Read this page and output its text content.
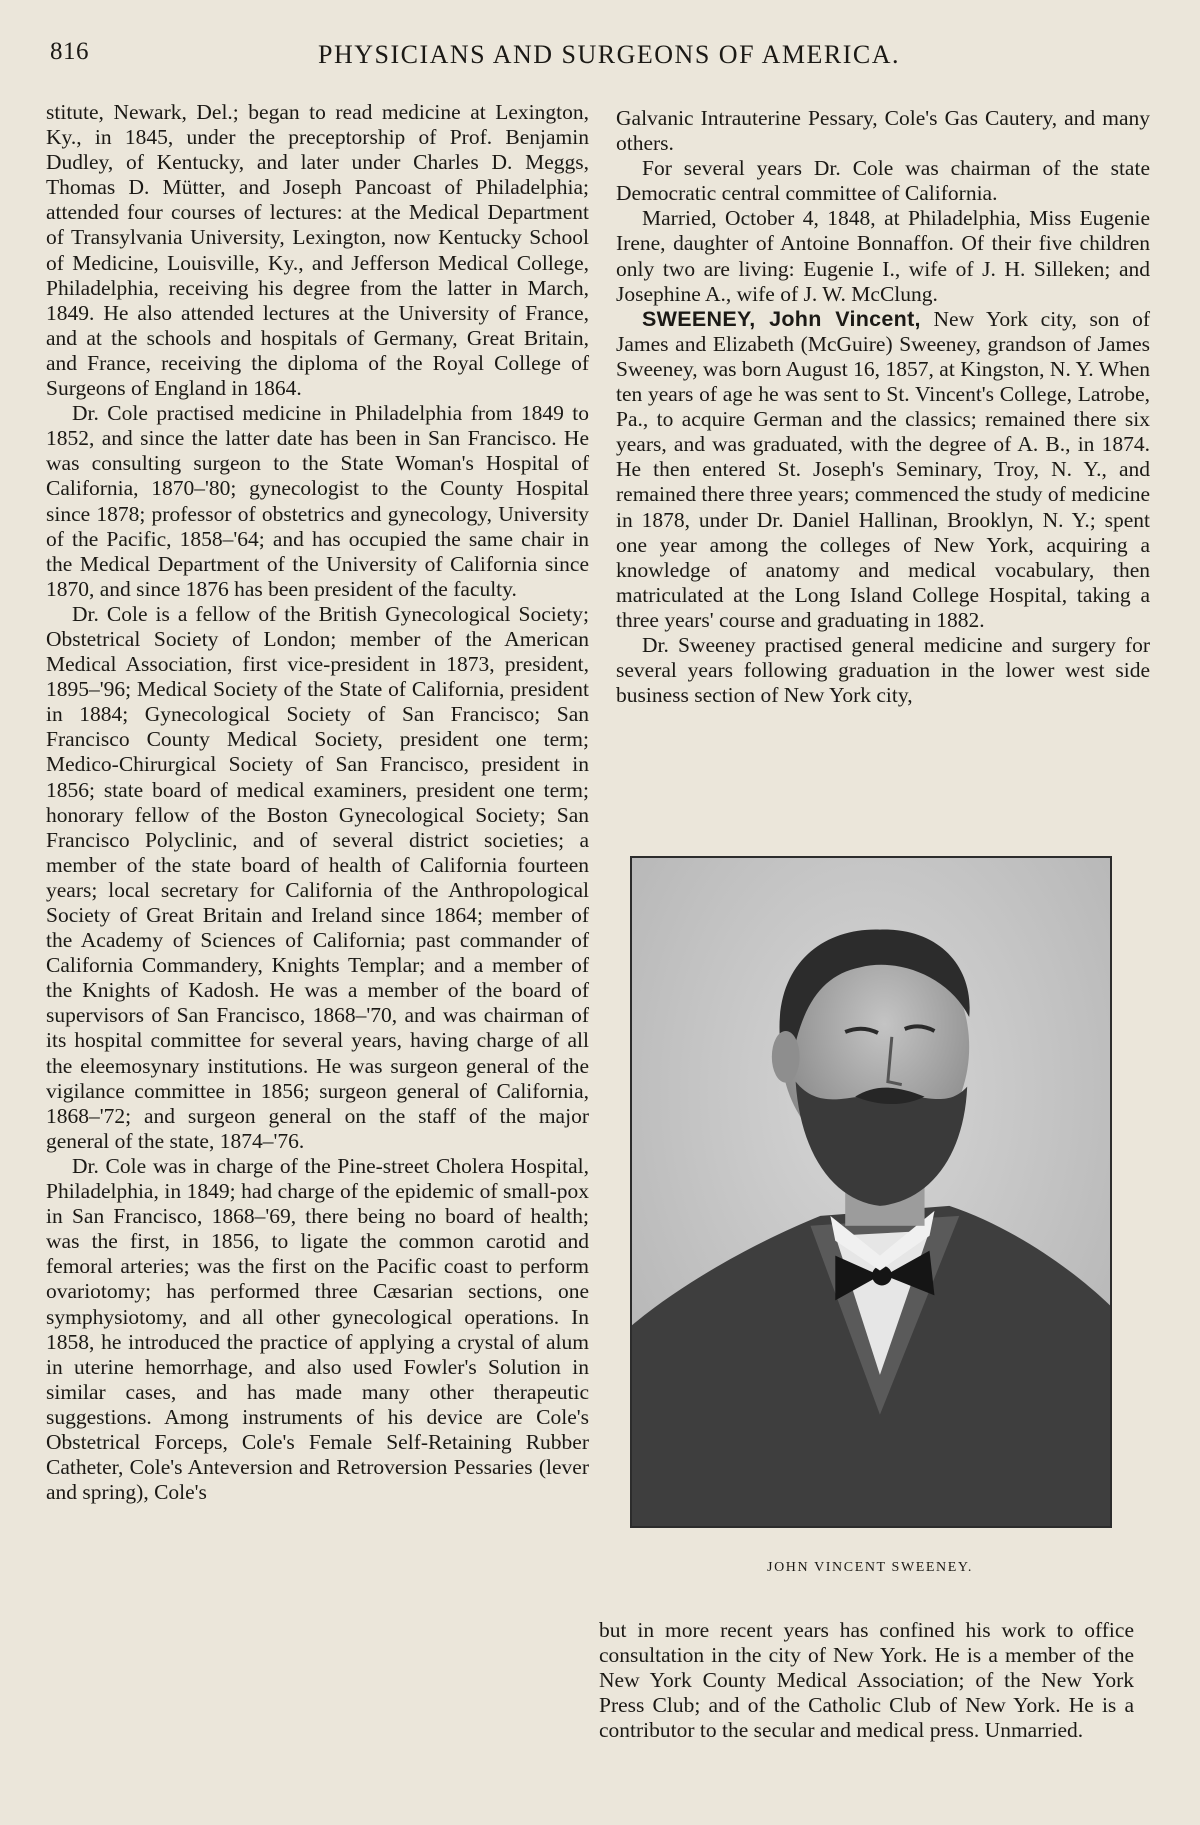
816	PHYSICIANS AND SURGEONS OF AMERICA.

stitute, Newark, Del.; began to read medicine at Lexington, Ky., in 1845, under the preceptorship of Prof. Benjamin Dudley, of Kentucky, and later under Charles D. Meggs, Thomas D. Mütter, and Joseph Pancoast of Philadelphia; attended four courses of lectures: at the Medical Department of Transylvania University, Lexington, now Kentucky School of Medicine, Louisville, Ky., and Jefferson Medical College, Philadelphia, receiving his degree from the latter in March, 1849. He also attended lectures at the University of France, and at the schools and hospitals of Germany, Great Britain, and France, receiving the diploma of the Royal College of Surgeons of England in 1864.

Dr. Cole practised medicine in Philadelphia from 1849 to 1852, and since the latter date has been in San Francisco. He was consulting surgeon to the State Woman's Hospital of California, 1870–'80; gynecologist to the County Hospital since 1878; professor of obstetrics and gynecology, University of the Pacific, 1858–'64; and has occupied the same chair in the Medical Department of the University of California since 1870, and since 1876 has been president of the faculty.

Dr. Cole is a fellow of the British Gynecological Society; Obstetrical Society of London; member of the American Medical Association, first vice-president in 1873, president, 1895–'96; Medical Society of the State of California, president in 1884; Gynecological Society of San Francisco; San Francisco County Medical Society, president one term; Medico-Chirurgical Society of San Francisco, president in 1856; state board of medical examiners, president one term; honorary fellow of the Boston Gynecological Society; San Francisco Polyclinic, and of several district societies; a member of the state board of health of California fourteen years; local secretary for California of the Anthropological Society of Great Britain and Ireland since 1864; member of the Academy of Sciences of California; past commander of California Commandery, Knights Templar; and a member of the Knights of Kadosh. He was a member of the board of supervisors of San Francisco, 1868–'70, and was chairman of its hospital committee for several years, having charge of all the eleemosynary institutions. He was surgeon general of the vigilance committee in 1856; surgeon general of California, 1868–'72; and surgeon general on the staff of the major general of the state, 1874–'76.

Dr. Cole was in charge of the Pine-street Cholera Hospital, Philadelphia, in 1849; had charge of the epidemic of small-pox in San Francisco, 1868–'69, there being no board of health; was the first, in 1856, to ligate the common carotid and femoral arteries; was the first on the Pacific coast to perform ovariotomy; has performed three Cæsarian sections, one symphysiotomy, and all other gynecological operations. In 1858, he introduced the practice of applying a crystal of alum in uterine hemorrhage, and also used Fowler's Solution in similar cases, and has made many other therapeutic suggestions. Among instruments of his device are Cole's Obstetrical Forceps, Cole's Female Self-Retaining Rubber Catheter, Cole's Anteversion and Retroversion Pessaries (lever and spring), Cole's

Galvanic Intrauterine Pessary, Cole's Gas Cautery, and many others.

For several years Dr. Cole was chairman of the state Democratic central committee of California.

Married, October 4, 1848, at Philadelphia, Miss Eugenie Irene, daughter of Antoine Bonnaffon. Of their five children only two are living: Eugenie I., wife of J. H. Silleken; and Josephine A., wife of J. W. McClung.

SWEENEY, John Vincent, New York city, son of James and Elizabeth (McGuire) Sweeney, grandson of James Sweeney, was born August 16, 1857, at Kingston, N. Y. When ten years of age he was sent to St. Vincent's College, Latrobe, Pa., to acquire German and the classics; remained there six years, and was graduated, with the degree of A. B., in 1874. He then entered St. Joseph's Seminary, Troy, N. Y., and remained there three years; commenced the study of medicine in 1878, under Dr. Daniel Hallinan, Brooklyn, N. Y.; spent one year among the colleges of New York, acquiring a knowledge of anatomy and medical vocabulary, then matriculated at the Long Island College Hospital, taking a three years' course and graduating in 1882.

Dr. Sweeney practised general medicine and surgery for several years following graduation in the lower west side business section of New York city,

JOHN VINCENT SWEENEY.

but in more recent years has confined his work to office consultation in the city of New York. He is a member of the New York County Medical Association; of the New York Press Club; and of the Catholic Club of New York. He is a contributor to the secular and medical press. Unmarried.
